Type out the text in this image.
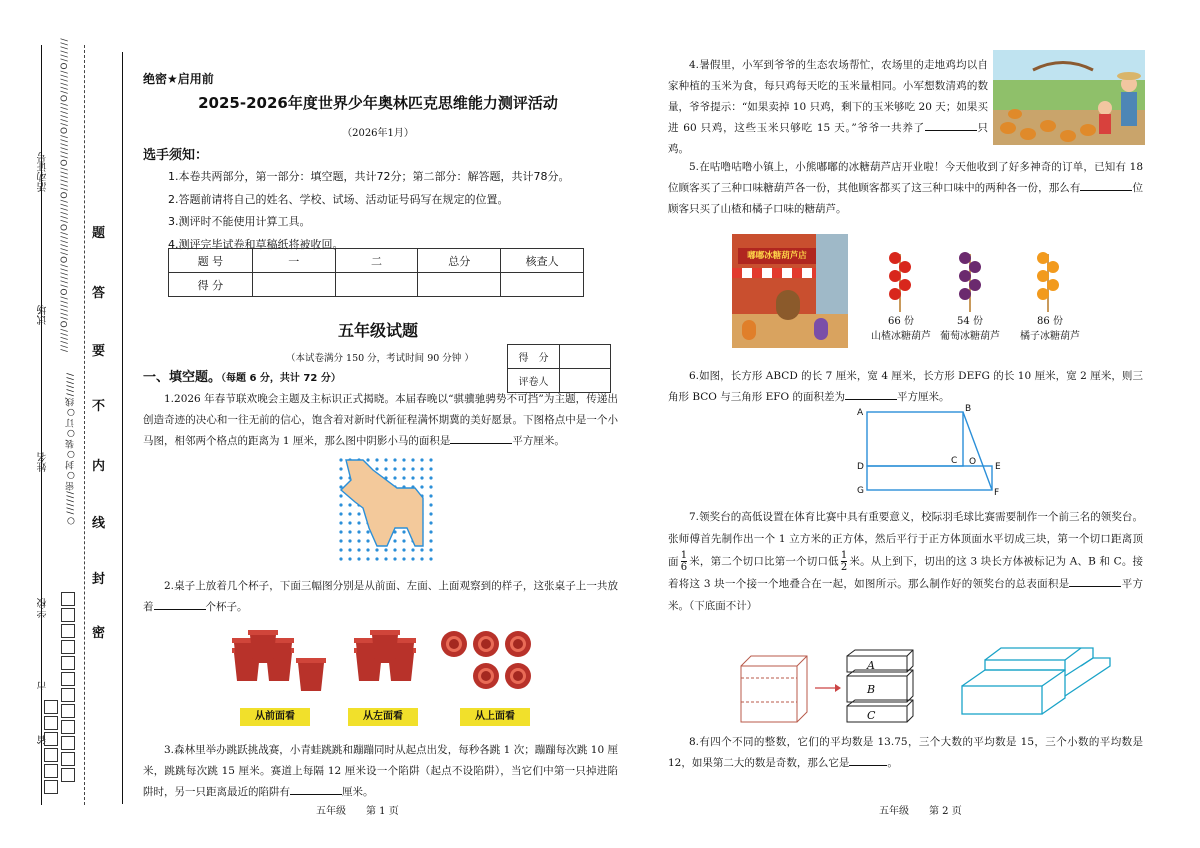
//////O//////O//////O//////O//////O//////O//////O//////O//////O//////
活动证号
试场
姓名
学校
市
省
○//////密○封○装○订○线//////
题
答
要
不
内
线
封
密
绝密★启用前
2025-2026年度世界少年奥林匹克思维能力测评活动
（2026年1月）
选手须知：
1.本卷共两部分，第一部分：填空题，共计72分；第二部分：解答题，共计78分。
2.答题前请将自己的姓名、学校、试场、活动证号码写在规定的位置。
3.测评时不能使用计算工具。
4.测评完毕试卷和草稿纸将被收回。
题 号	一	二	总分	核查人
得 分				
五年级试题
（本试卷满分 150 分，考试时间 90 分钟 ）	得　分	
评卷人	
一、填空题。（每题 6 分，共计 72 分）
1.2026 年春节联欢晚会主题及主标识正式揭晓。本届春晚以“骐骥驰骋势不可挡”为主题，传递出创造奇迹的决心和一往无前的信心，饱含着对新时代新征程满怀期冀的美好愿景。下图格点中是一个小马图，相邻两个格点的距离为 1 厘米，那么图中阴影小马的面积是	平方厘米。
2.桌子上放着几个杯子，下面三幅图分别是从前面、左面、上面观察到的样子，这张桌子上一共放着	个杯子。
从前面看	从左面看	从上面看
3.森林里举办跳跃挑战赛，小青蛙跳跳和蹦蹦同时从起点出发，每秒各跳 1 次；蹦蹦每次跳 10 厘米，跳跳每次跳 15 厘米。赛道上每隔 12 厘米设一个陷阱（起点不设陷阱），当它们中第一只掉进陷阱时，另一只距离最近的陷阱有	厘米。
五年级　　第 1 页
4.暑假里，小军到爷爷的生态农场帮忙，农场里的走地鸡均以自家种植的玉米为食，每只鸡每天吃的玉米量相同。小军想数清鸡的数量，爷爷提示：“如果卖掉 10 只鸡，剩下的玉米够吃 20 天；如果买进 60 只鸡，这些玉米只够吃 15 天。”爷爷一共养了	只鸡。
5.在咕噜咕噜小镇上，小熊嘟嘟的冰糖葫芦店开业啦！今天他收到了好多神奇的订单，已知有 18 位顾客买了三种口味糖葫芦各一份，其他顾客都买了这三种口味中的两种各一份，那么有	位顾客只买了山楂和橘子口味的糖葫芦。
嘟嘟冰糖葫芦店
66 份
山楂冰糖葫芦
54 份
葡萄冰糖葫芦
86 份
橘子冰糖葫芦
6.如图，长方形 ABCD 的长 7 厘米，宽 4 厘米，长方形 DEFG 的长 10 厘米，宽 2 厘米，则三角形 BCO 与三角形 EFO 的面积差为	平方厘米。
A	B
C O
D	E
G	F
7.领奖台的高低设置在体育比赛中具有重要意义，校际羽毛球比赛需要制作一个前三名的领奖台。张师傅首先制作出一个 1 立方米的正方体，然后平行于正方体顶面水平切成三块，第一个切口距离顶面 $\frac{1}{6}$ 米，第二个切口比第一个切口低 $\frac{1}{2}$ 米。从上到下，切出的这 3 块长方体被标记为 A、B 和 C。接着将这 3 块一个接一个地叠合在一起，如图所示。那么制作好的领奖台的总表面积是	平方米。（下底面不计）
A
B
C
8.有四个不同的整数，它们的平均数是 13.75，三个大数的平均数是 15，三个小数的平均数是 12，如果第二大的数是奇数，那么它是	。
五年级　　第 2 页
